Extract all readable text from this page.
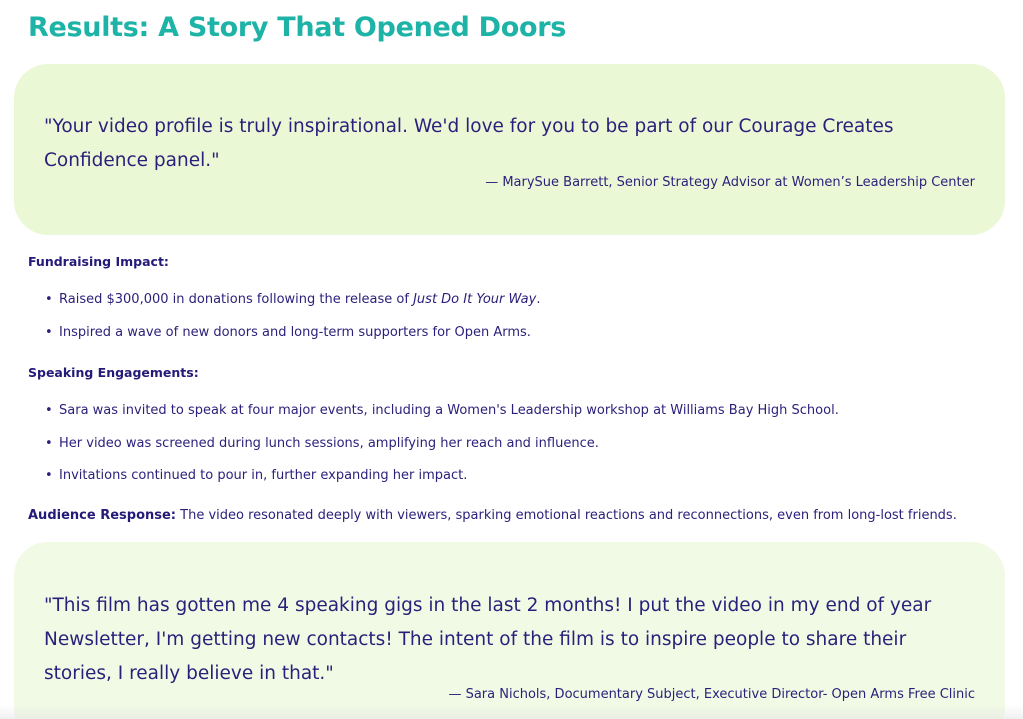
Results: A Story That Opened Doors

"Your video profile is truly inspirational. We'd love for you to be part of our Courage Creates Confidence panel."

— MarySue Barrett, Senior Strategy Advisor at Women’s Leadership Center

Fundraising Impact:
• Raised $300,000 in donations following the release of Just Do It Your Way.
• Inspired a wave of new donors and long-term supporters for Open Arms.
Speaking Engagements:
• Sara was invited to speak at four major events, including a Women's Leadership workshop at Williams Bay High School.
• Her video was screened during lunch sessions, amplifying her reach and influence.
• Invitations continued to pour in, further expanding her impact.

Audience Response: The video resonated deeply with viewers, sparking emotional reactions and reconnections, even from long-lost friends.

"This film has gotten me 4 speaking gigs in the last 2 months! I put the video in my end of year Newsletter, I'm getting new contacts! The intent of the film is to inspire people to share their stories, I really believe in that."

— Sara Nichols, Documentary Subject, Executive Director- Open Arms Free Clinic
